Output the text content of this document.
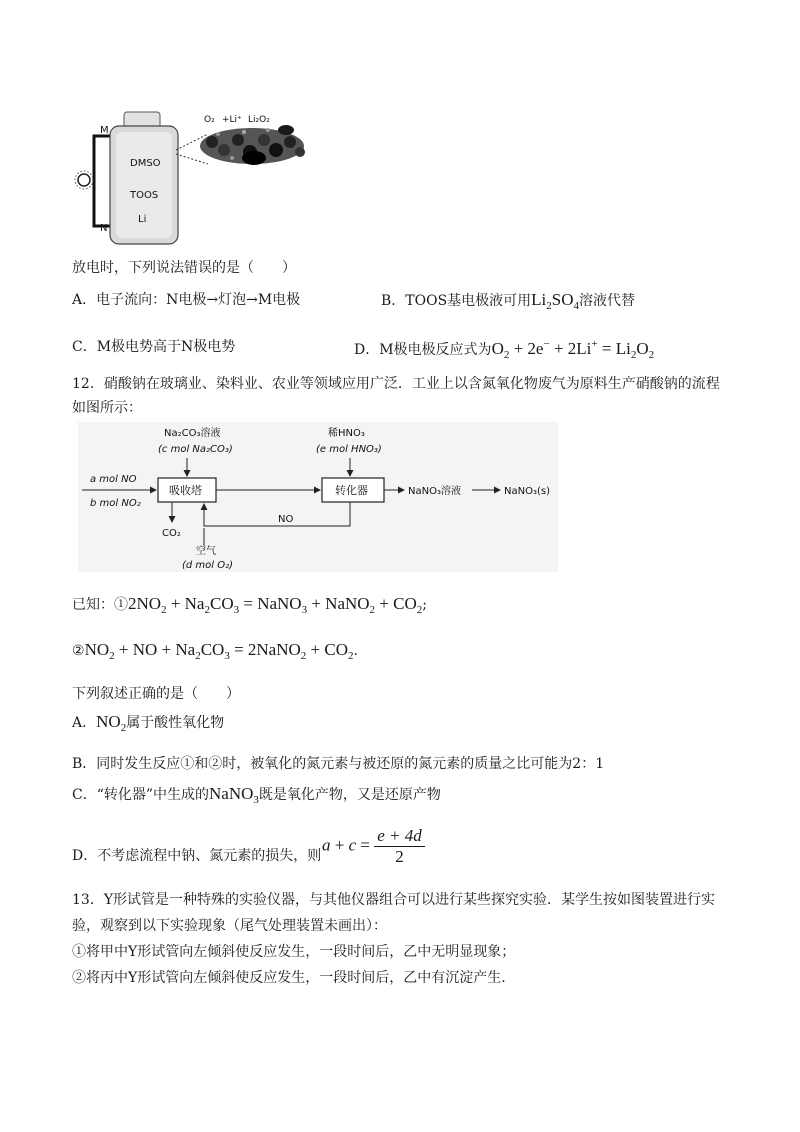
M
N
DMSO
TOOS
Li
O₂ +Li⁺ Li₂O₂
放电时，下列说法错误的是（　　）
A．电子流向：N电极→灯泡→M电极	B．TOOS基电极液可用$Li_2SO_4$溶液代替
C．M极电势高于N极电势	D．M极电极反应式为$O_2 + 2e^- + 2Li^+ = Li_2O_2$
12．硝酸钠在玻璃业、染料业、农业等领域应用广泛．工业上以含氮氧化物废气为原料生产硝酸钠的流程
如图所示：
Na₂CO₃溶液
(c mol Na₂CO₃)
稀HNO₃
(e mol HNO₃)
a mol NO
b mol NO₂
吸收塔	转化器	NaNO₃溶液	NaNO₃(s)
CO₂
NO
空气
(d mol O₂)
已知：$①2NO_2 + Na_2CO_3$ = NaNO$_3$ + NaNO$_2$ + $CO_2$;
$②NO_2$ + NO + $Na_2CO_3$ = 2NaNO$_2$ + $CO_2$.
下列叙述正确的是（　　）
A．$NO_2$属于酸性氧化物
B．同时发生反应①和②时，被氧化的氮元素与被还原的氮元素的质量之比可能为2：1
C．“转化器”中生成的NaNO$_3$既是氧化产物，又是还原产物
D．不考虑流程中钠、氮元素的损失，则
$a + c = \frac{e + 4d}{2}$
13．Y形试管是一种特殊的实验仪器，与其他仪器组合可以进行某些探究实验．某学生按如图装置进行实
验，观察到以下实验现象（尾气处理装置未画出）：
①将甲中Y形试管向左倾斜使反应发生，一段时间后，乙中无明显现象；
②将丙中Y形试管向左倾斜使反应发生，一段时间后，乙中有沉淀产生.
